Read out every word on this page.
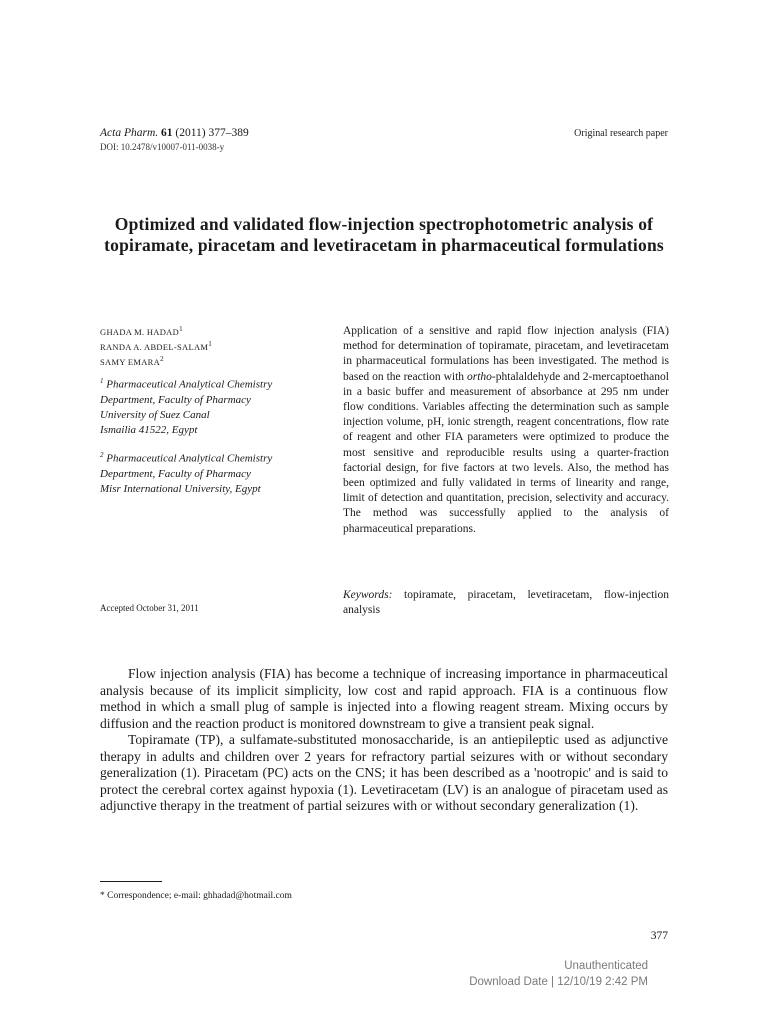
Acta Pharm. 61 (2011) 377–389
DOI: 10.2478/v10007-011-0038-y
Original research paper
Optimized and validated flow-injection spectrophotometric analysis of topiramate, piracetam and levetiracetam in pharmaceutical formulations
GHADA M. HADAD$^1$
RANDA A. ABDEL-SALAM$^1$
SAMY EMARA$^2$
$^1$ Pharmaceutical Analytical Chemistry
Department, Faculty of Pharmacy
University of Suez Canal
Ismailia 41522, Egypt
$^2$ Pharmaceutical Analytical Chemistry
Department, Faculty of Pharmacy
Misr International University, Egypt
Accepted October 31, 2011
Application of a sensitive and rapid flow injection analysis (FIA) method for determination of topiramate, piracetam, and levetiracetam in pharmaceutical formulations has been investigated. The method is based on the reaction with ortho-phtalaldehyde and 2-mercaptoethanol in a basic buffer and measurement of absorbance at 295 nm under flow conditions. Variables affecting the determination such as sample injection volume, pH, ionic strength, reagent concentrations, flow rate of reagent and other FIA parameters were optimized to produce the most sensitive and reproducible results using a quarter-fraction factorial design, for five factors at two levels. Also, the method has been optimized and fully validated in terms of linearity and range, limit of detection and quantitation, precision, selectivity and accuracy. The method was successfully applied to the analysis of pharmaceutical preparations.
Keywords: topiramate, piracetam, levetiracetam, flow-injection analysis

Flow injection analysis (FIA) has become a technique of increasing importance in pharmaceutical analysis because of its implicit simplicity, low cost and rapid approach. FIA is a continuous flow method in which a small plug of sample is injected into a flowing reagent stream. Mixing occurs by diffusion and the reaction product is monitored downstream to give a transient peak signal.

Topiramate (TP), a sulfamate-substituted monosaccharide, is an antiepileptic used as adjunctive therapy in adults and children over 2 years for refractory partial seizures with or without secondary generalization (1). Piracetam (PC) acts on the CNS; it has been described as a 'nootropic' and is said to protect the cerebral cortex against hypoxia (1). Levetiracetam (LV) is an analogue of piracetam used as adjunctive therapy in the treatment of partial seizures with or without secondary generalization (1).

* Correspondence; e-mail: ghhadad@hotmail.com
377
Unauthenticated
Download Date | 12/10/19 2:42 PM
